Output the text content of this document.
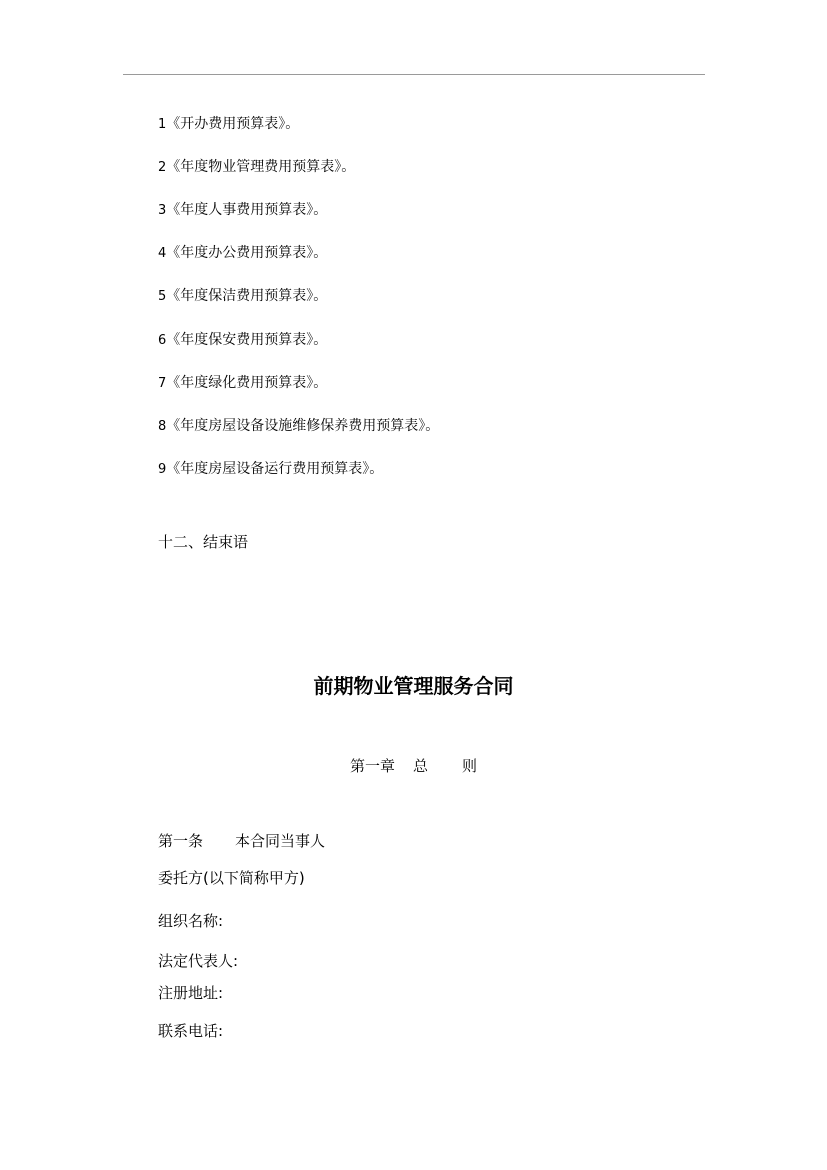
1《开办费用预算表》。
2《年度物业管理费用预算表》。
3《年度人事费用预算表》。
4《年度办公费用预算表》。
5《年度保洁费用预算表》。
6《年度保安费用预算表》。
7《年度绿化费用预算表》。
8《年度房屋设备设施维修保养费用预算表》。
9《年度房屋设备运行费用预算表》。
十二、结束语
前期物业管理服务合同
第一章 总 则
第一条 本合同当事人
委托方(以下简称甲方)
组织名称:
法定代表人:
注册地址:
联系电话:
